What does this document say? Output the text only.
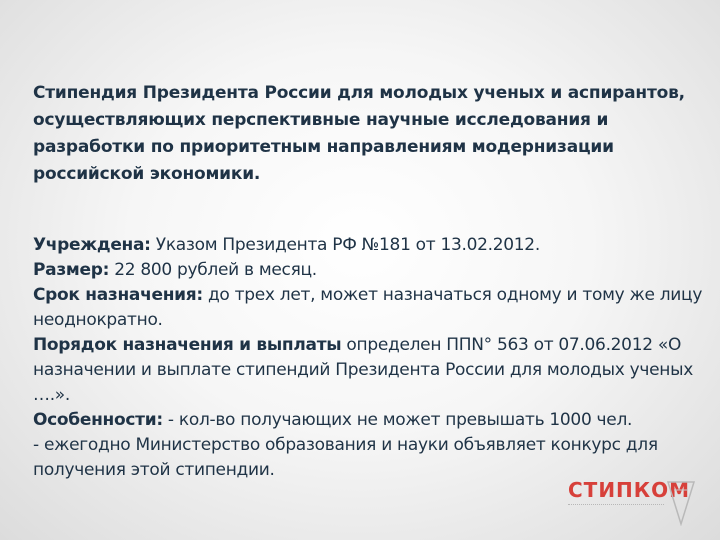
Стипендия Президента России для молодых ученых и аспирантов, осуществляющих перспективные научные исследования и разработки по приоритетным направлениям модернизации российской экономики.

Учреждена: Указом Президента РФ №181 от 13.02.2012.

Размер: 22 800 рублей в месяц.

Срок назначения: до трех лет, может назначаться одному и тому же лицу неоднократно.

Порядок назначения и выплаты определен ППN° 563 от 07.06.2012 «О назначении и выплате стипендий Президента России для молодых ученых ….».

Особенности: - кол-во получающих не может превышать 1000 чел.

- ежегодно Министерство образования и науки объявляет конкурс для получения этой стипендии.

СТИПКОМ
